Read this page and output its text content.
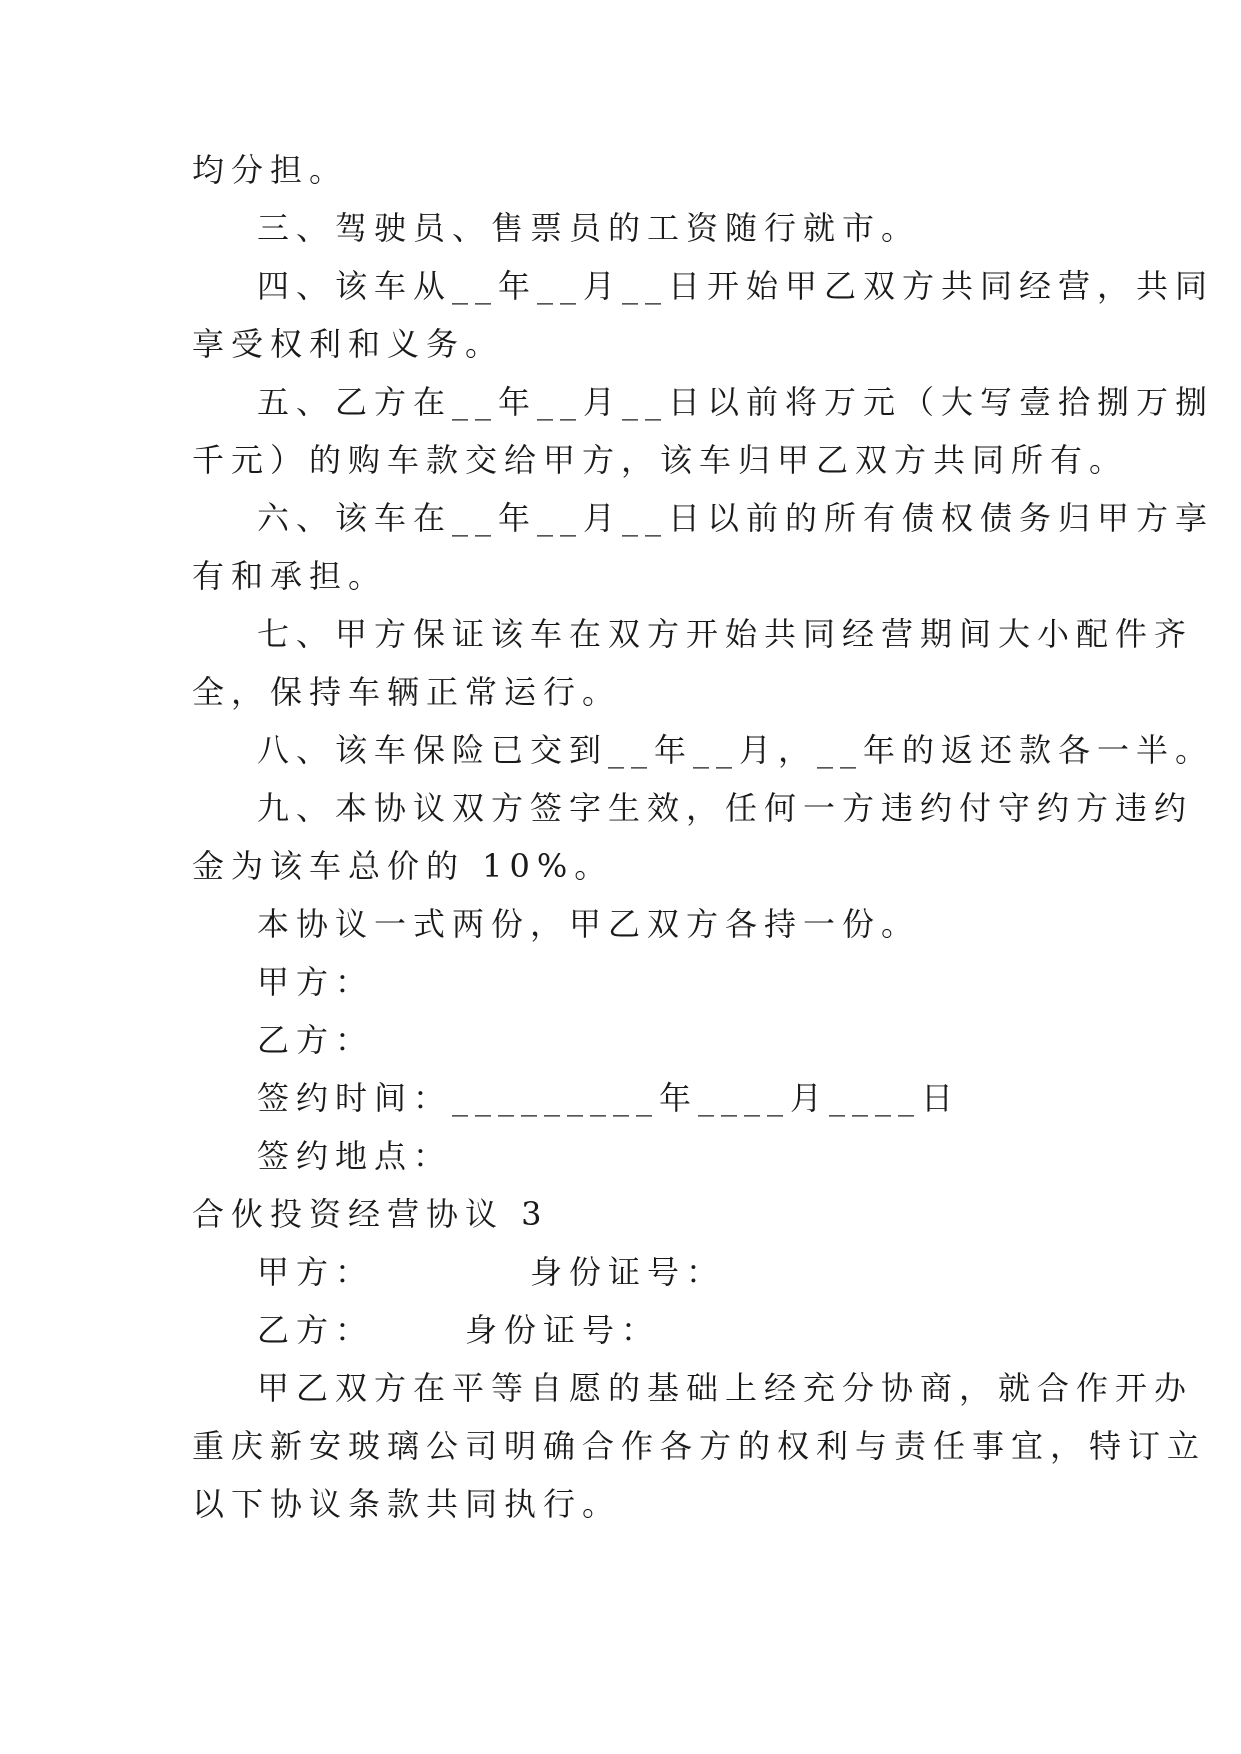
均分担。
三、驾驶员、售票员的工资随行就市。
四、该车从__年__月__日开始甲乙双方共同经营，共同
享受权利和义务。
五、乙方在__年__月__日以前将万元（大写壹拾捌万捌
千元）的购车款交给甲方，该车归甲乙双方共同所有。
六、该车在__年__月__日以前的所有债权债务归甲方享
有和承担。
七、甲方保证该车在双方开始共同经营期间大小配件齐
全，保持车辆正常运行。
八、该车保险已交到__年__月，__年的返还款各一半。
九、本协议双方签字生效，任何一方违约付守约方违约
金为该车总价的 10%。
本协议一式两份，甲乙双方各持一份。
甲方：
乙方：
签约时间：_________年____月____日
签约地点：
合伙投资经营协议 3
甲方：	身份证号：
乙方：	身份证号：
甲乙双方在平等自愿的基础上经充分协商，就合作开办
重庆新安玻璃公司明确合作各方的权利与责任事宜，特订立
以下协议条款共同执行。
